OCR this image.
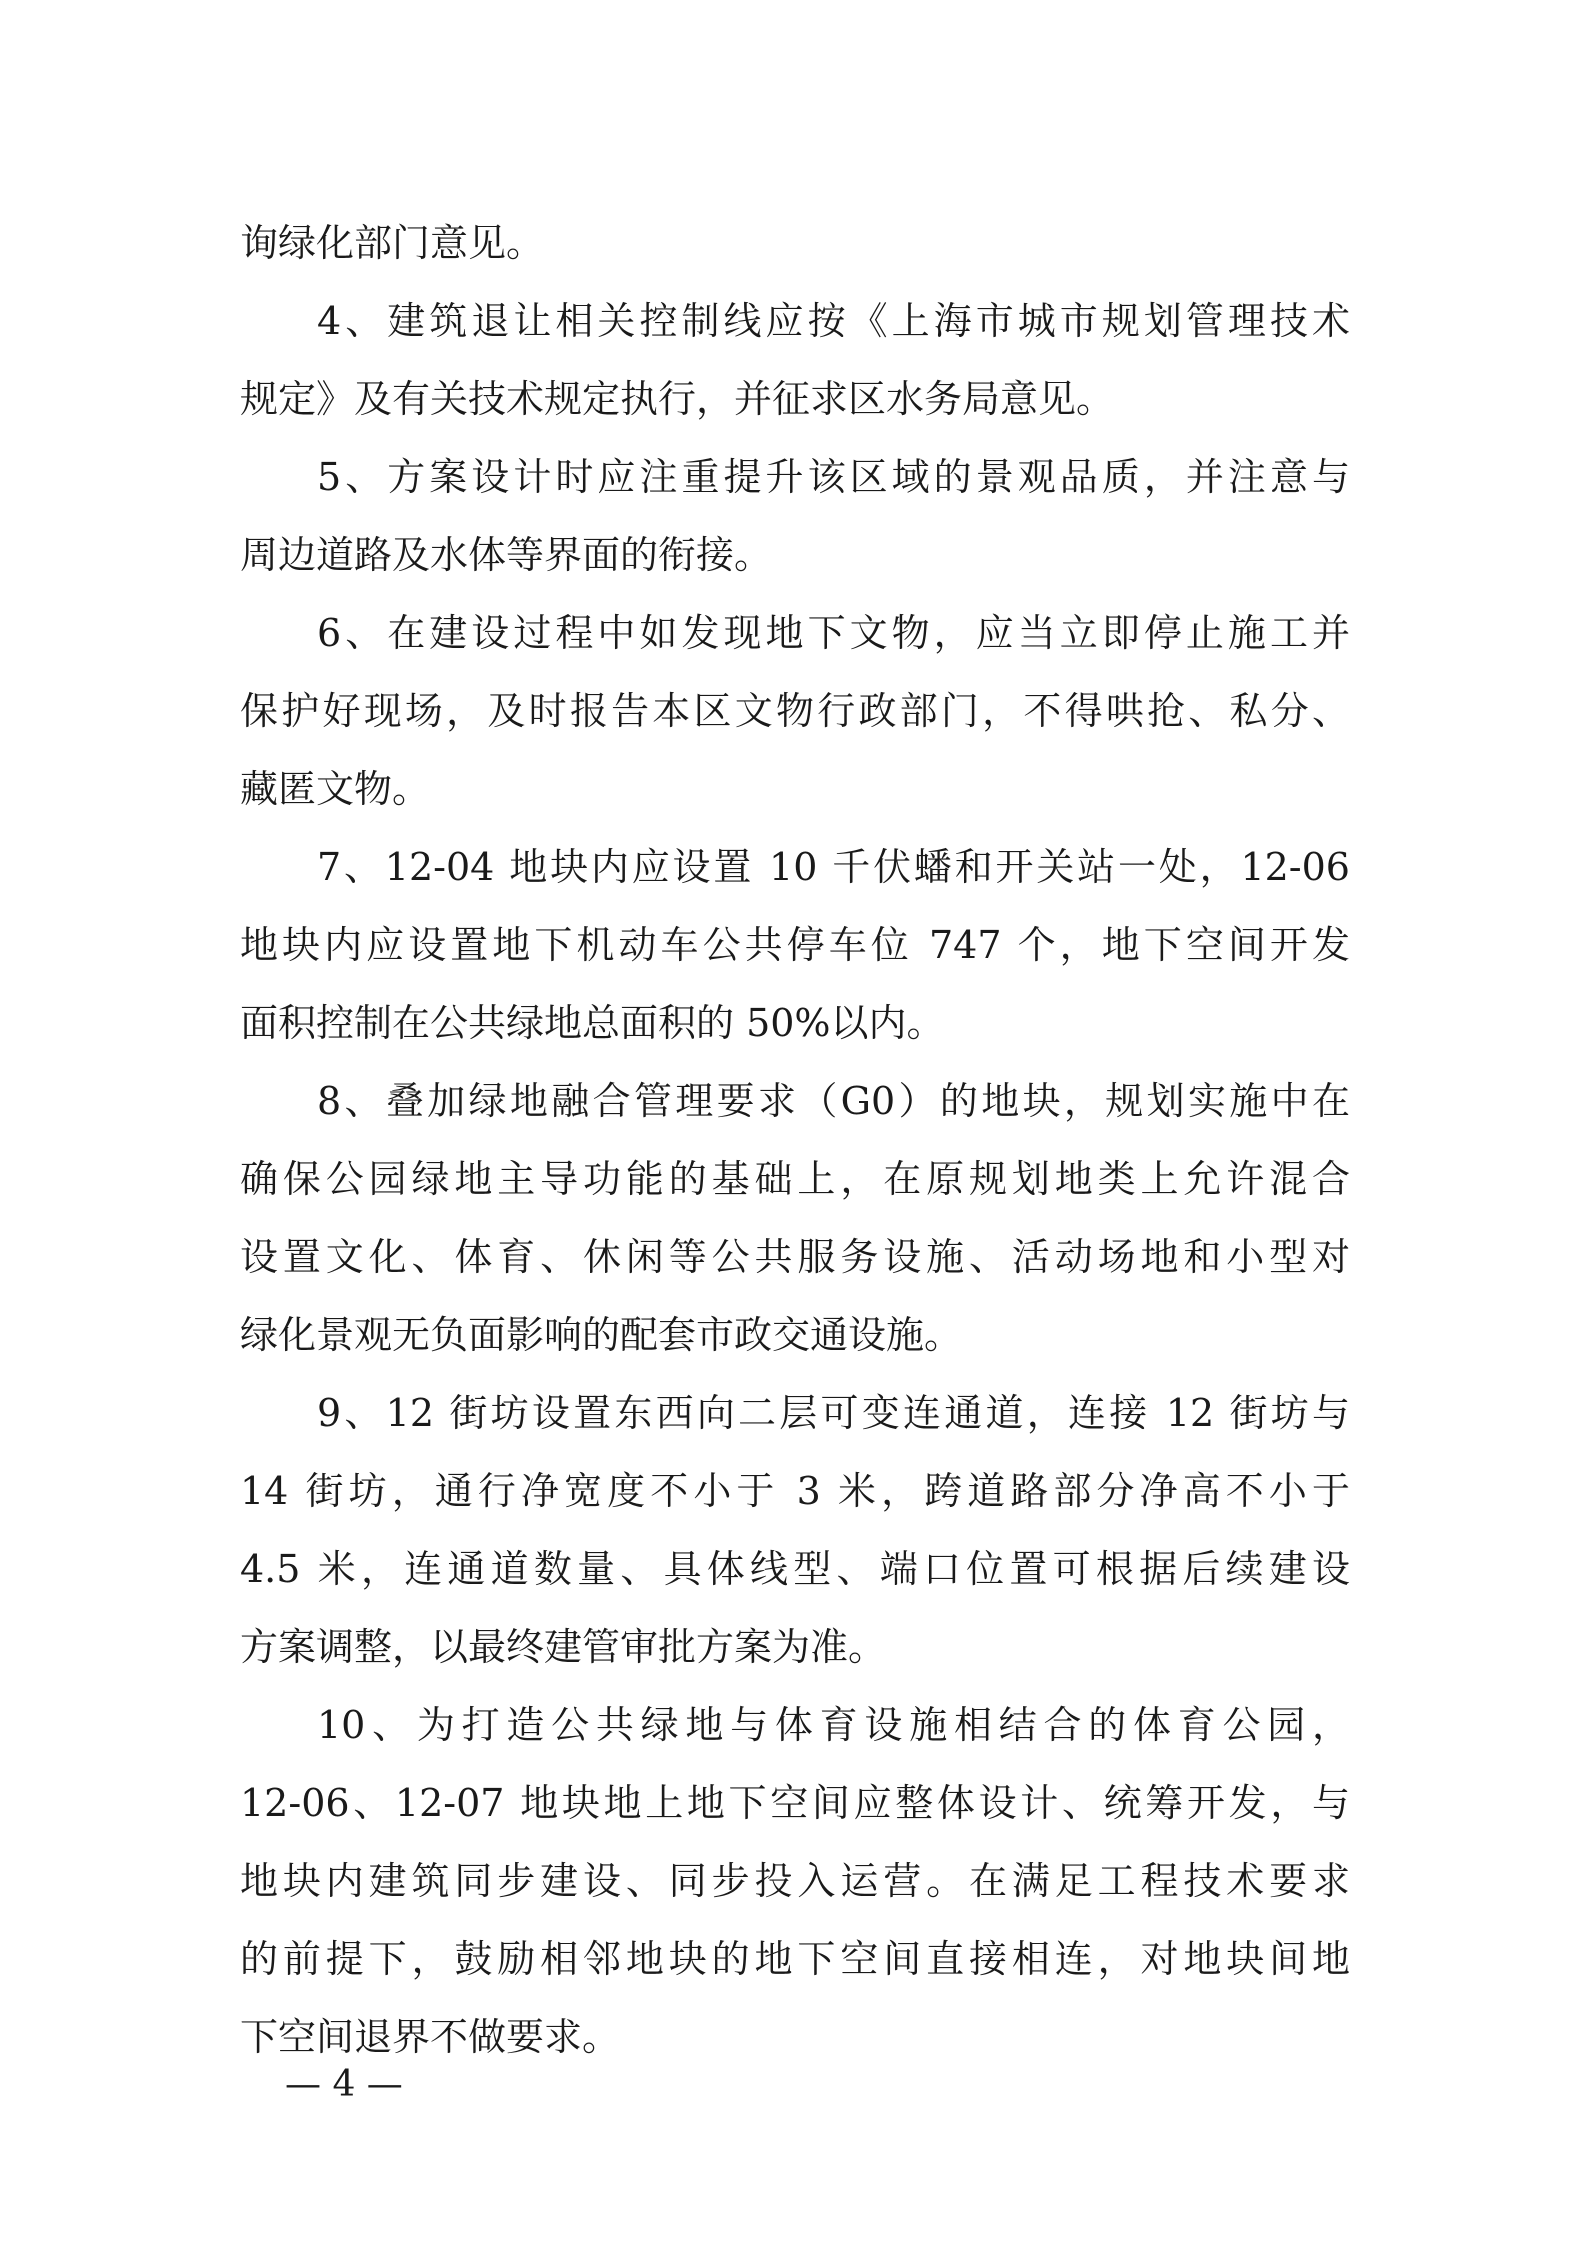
询绿化部门意见。
4、建筑退让相关控制线应按《上海市城市规划管理技术
规定》及有关技术规定执行，并征求区水务局意见。
5、方案设计时应注重提升该区域的景观品质，并注意与
周边道路及水体等界面的衔接。
6、在建设过程中如发现地下文物，应当立即停止施工并
保护好现场，及时报告本区文物行政部门，不得哄抢、私分、
藏匿文物。
7、12-04 地块内应设置 10 千伏蟠和开关站一处，12-06
地块内应设置地下机动车公共停车位 747 个，地下空间开发
面积控制在公共绿地总面积的 50%以内。
8、叠加绿地融合管理要求（G0）的地块，规划实施中在
确保公园绿地主导功能的基础上，在原规划地类上允许混合
设置文化、体育、休闲等公共服务设施、活动场地和小型对
绿化景观无负面影响的配套市政交通设施。
9、12 街坊设置东西向二层可变连通道，连接 12 街坊与
14 街坊，通行净宽度不小于 3 米，跨道路部分净高不小于
4.5 米，连通道数量、具体线型、端口位置可根据后续建设
方案调整，以最终建管审批方案为准。
10、为打造公共绿地与体育设施相结合的体育公园，
12-06、12-07 地块地上地下空间应整体设计、统筹开发，与
地块内建筑同步建设、同步投入运营。在满足工程技术要求
的前提下，鼓励相邻地块的地下空间直接相连，对地块间地
下空间退界不做要求。
— 4 —
